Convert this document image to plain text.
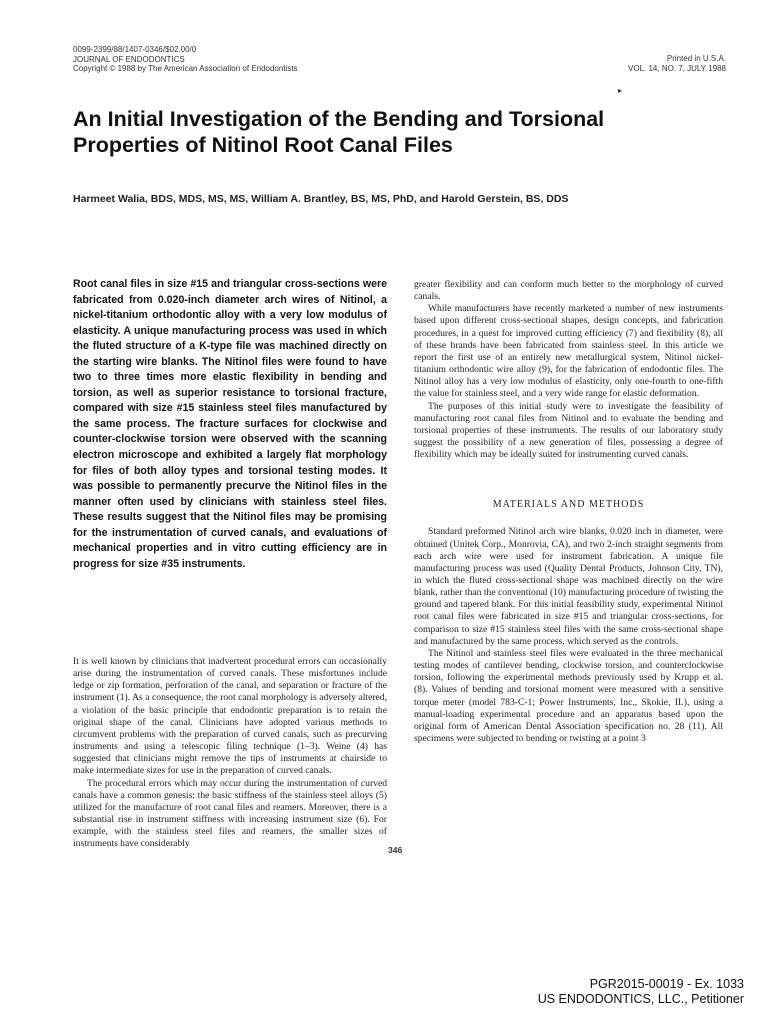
0099-2399/88/1407-0346/$02.00/0
JOURNAL OF ENDODONTICS
Copyright © 1988 by The American Association of Endodontists
Printed in U.S.A.
VOL. 14, NO. 7, JULY 1988
▸
An Initial Investigation of the Bending and Torsional Properties of Nitinol Root Canal Files
Harmeet Walia, BDS, MDS, MS, MS, William A. Brantley, BS, MS, PhD, and Harold Gerstein, BS, DDS

Root canal files in size #15 and triangular cross-sections were fabricated from 0.020-inch diameter arch wires of Nitinol, a nickel-titanium orthodontic alloy with a very low modulus of elasticity. A unique manufacturing process was used in which the fluted structure of a K-type file was machined directly on the starting wire blanks. The Nitinol files were found to have two to three times more elastic flexibility in bending and torsion, as well as superior resistance to torsional fracture, compared with size #15 stainless steel files manufactured by the same process. The fracture surfaces for clockwise and counter-clockwise torsion were observed with the scanning electron microscope and exhibited a largely flat morphology for files of both alloy types and torsional testing modes. It was possible to permanently precurve the Nitinol files in the manner often used by clinicians with stainless steel files. These results suggest that the Nitinol files may be promising for the instrumentation of curved canals, and evaluations of mechanical properties and in vitro cutting efficiency are in progress for size #35 instruments.

It is well known by clinicians that inadvertent procedural errors can occasionally arise during the instrumentation of curved canals. These misfortunes include ledge or zip formation, perforation of the canal, and separation or fracture of the instrument (1). As a consequence, the root canal morphology is adversely altered, a violation of the basic principle that endodontic preparation is to retain the original shape of the canal. Clinicians have adopted various methods to circumvent problems with the preparation of curved canals, such as precurving instruments and using a telescopic filing technique (1–3). Weine (4) has suggested that clinicians might remove the tips of instruments at chairside to make intermediate sizes for use in the preparation of curved canals.

The procedural errors which may occur during the instrumentation of curved canals have a common genesis: the basic stiffness of the stainless steel alloys (5) utilized for the manufacture of root canal files and reamers. Moreover, there is a substantial rise in instrument stiffness with increasing instrument size (6). For example, with the stainless steel files and reamers, the smaller sizes of instruments have considerably

greater flexibility and can conform much better to the morphology of curved canals.

While manufacturers have recently marketed a number of new instruments based upon different cross-sectional shapes, design concepts, and fabrication procedures, in a quest for improved cutting efficiency (7) and flexibility (8), all of these brands have been fabricated from stainless steel. In this article we report the first use of an entirely new metallurgical system, Nitinol nickel-titanium orthodontic wire alloy (9), for the fabrication of endodontic files. The Nitinol alloy has a very low modulus of elasticity, only one-fourth to one-fifth the value for stainless steel, and a very wide range for elastic deformation.

The purposes of this initial study were to investigate the feasibility of manufacturing root canal files from Nitinol and to evaluate the bending and torsional properties of these instruments. The results of our laboratory study suggest the possibility of a new generation of files, possessing a degree of flexibility which may be ideally suited for instrumenting curved canals.

MATERIALS AND METHODS

Standard preformed Nitinol arch wire blanks, 0.020 inch in diameter, were obtained (Unitek Corp., Monrovia, CA), and two 2-inch straight segments from each arch wire were used for instrument fabrication. A unique file manufacturing process was used (Quality Dental Products, Johnson City, TN), in which the fluted cross-sectional shape was machined directly on the wire blank, rather than the conventional (10) manufacturing procedure of twisting the ground and tapered blank. For this initial feasibility study, experimental Nitinol root canal files were fabricated in size #15 and triangular cross-sections, for comparison to size #15 stainless steel files with the same cross-sectional shape and manufactured by the same process, which served as the controls.

The Nitinol and stainless steel files were evaluated in the three mechanical testing modes of cantilever bending, clockwise torsion, and counterclockwise torsion, following the experimental methods previously used by Krupp et al. (8). Values of bending and torsional moment were measured with a sensitive torque meter (model 783-C-1; Power Instruments, Inc., Skokie, IL), using a manual-loading experimental procedure and an apparatus based upon the original form of American Dental Association specification no. 28 (11). All specimens were subjected to bending or twisting at a point 3

346
PGR2015-00019 - Ex. 1033
US ENDODONTICS, LLC., Petitioner
